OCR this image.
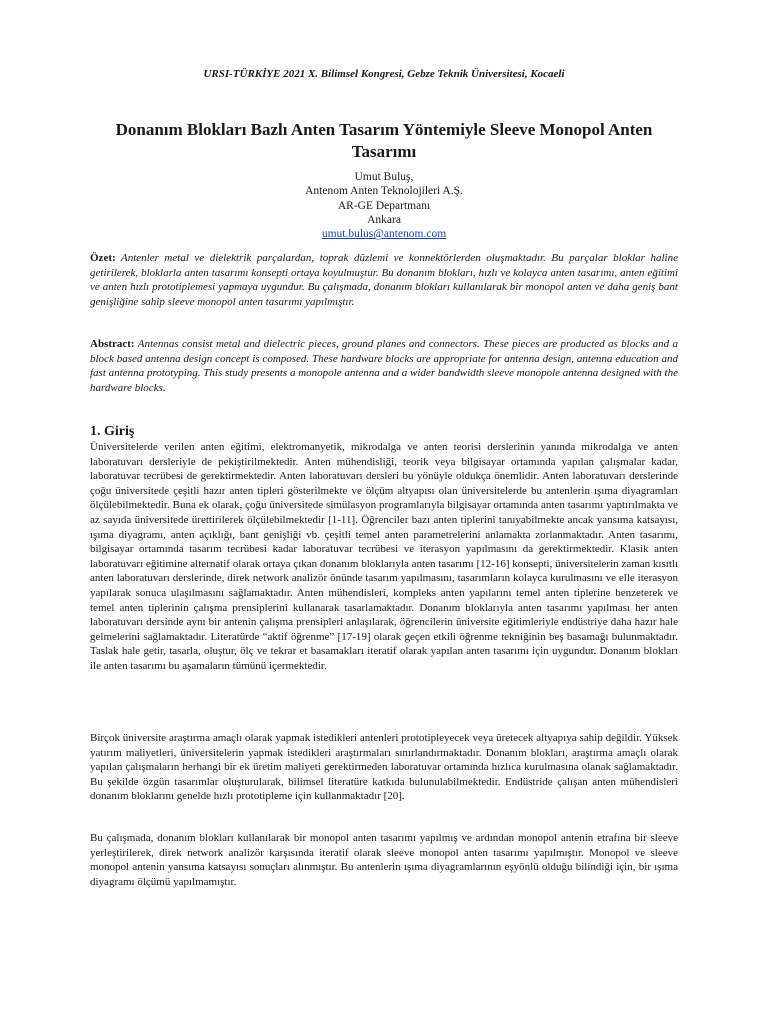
URSI-TÜRKİYE 2021 X. Bilimsel Kongresi, Gebze Teknik Üniversitesi, Kocaeli
Donanım Blokları Bazlı Anten Tasarım Yöntemiyle Sleeve Monopol Anten Tasarımı
Umut Buluş,
Antenom Anten Teknolojileri A.Ş.
AR-GE Departmanı
Ankara
umut.bulus@antenom.com
Özet: Antenler metal ve dielektrik parçalardan, toprak düzlemi ve konnektörlerden oluşmaktadır. Bu parçalar bloklar haline getirilerek, bloklarla anten tasarımı konsepti ortaya koyulmuştur. Bu donanım blokları, hızlı ve kolayca anten tasarımı, anten eğitimi ve anten hızlı prototiplemesi yapmaya uygundur. Bu çalışmada, donanım blokları kullanılarak bir monopol anten ve daha geniş bant genişliğine sahip sleeve monopol anten tasarımı yapılmıştır.
Abstract: Antennas consist metal and dielectric pieces, ground planes and connectors. These pieces are producted as blocks and a block based antenna design concept is composed. These hardware blocks are appropriate for antenna design, antenna education and fast antenna prototyping. This study presents a monopole antenna and a wider bandwidth sleeve monopole antenna designed with the hardware blocks.
1. Giriş

Üniversitelerde verilen anten eğitimi, elektromanyetik, mikrodalga ve anten teorisi derslerinin yanında mikrodalga ve anten laboratuvarı dersleriyle de pekiştirilmektedir. Anten mühendisliği, teorik veya bilgisayar ortamında yapılan çalışmalar kadar, laboratuvar tecrübesi de gerektirmektedir. Anten laboratuvarı dersleri bu yönüyle oldukça önemlidir. Anten laboratuvarı derslerinde çoğu üniversitede çeşitli hazır anten tipleri gösterilmekte ve ölçüm altyapısı olan üniversitelerde bu antenlerin ışıma diyagramları ölçülebilmektedir. Buna ek olarak, çoğu üniversitede simülasyon programlarıyla bilgisayar ortamında anten tasarımı yaptırılmakta ve az sayıda üniversitede ürettirilerek ölçülebilmektedir [1-11]. Öğrenciler bazı anten tiplerini tanıyabilmekte ancak yansıma katsayısı, ışıma diyagramı, anten açıklığı, bant genişliği vb. çeşitli temel anten parametrelerini anlamakta zorlanmaktadır. Anten tasarımı, bilgisayar ortamında tasarım tecrübesi kadar laboratuvar tecrübesi ve iterasyon yapılmasını da gerektirmektedir. Klasik anten laboratuvarı eğitimine alternatif olarak ortaya çıkan donanım bloklarıyla anten tasarımı [12-16] konsepti, üniversitelerin zaman kısıtlı anten laboratuvarı derslerinde, direk network analizör önünde tasarım yapılmasını, tasarımların kolayca kurulmasını ve elle iterasyon yapılarak sonuca ulaşılmasını sağlamaktadır. Anten mühendisleri, kompleks anten yapılarını temel anten tiplerine benzeterek ve temel anten tiplerinin çalışma prensiplerini kullanarak tasarlamaktadır. Donanım bloklarıyla anten tasarımı yapılması her anten laboratuvarı dersinde aynı bir antenin çalışma prensipleri anlaşılarak, öğrencilerin üniversite eğitimleriyle endüstriye daha hazır hale gelmelerini sağlamaktadır. Literatürde “aktif öğrenme” [17-19] olarak geçen etkili öğrenme tekniğinin beş basamağı bulunmaktadır. Taslak hale getir, tasarla, oluştur, ölç ve tekrar et basamakları iteratif olarak yapılan anten tasarımı için uygundur. Donanım blokları ile anten tasarımı bu aşamaların tümünü içermektedir.

Birçok üniversite araştırma amaçlı olarak yapmak istedikleri antenleri prototipleyecek veya üretecek altyapıya sahip değildir. Yüksek yatırım maliyetleri, üniversitelerin yapmak istedikleri araştırmaları sınırlandırmaktadır. Donanım blokları, araştırma amaçlı olarak yapılan çalışmaların herhangi bir ek üretim maliyeti gerektirmeden laboratuvar ortamında hızlıca kurulmasına olanak sağlamaktadır. Bu şekilde özgün tasarımlar oluşturularak, bilimsel literatüre katkıda bulunulabilmektedir. Endüstride çalışan anten mühendisleri donanım bloklarını genelde hızlı prototipleme için kullanmaktadır [20].

Bu çalışmada, donanım blokları kullanılarak bir monopol anten tasarımı yapılmış ve ardından monopol antenin etrafına bir sleeve yerleştirilerek, direk network analizör karşısında iteratif olarak sleeve monopol anten tasarımı yapılmıştır. Monopol ve sleeve monopol antenin yansıma katsayısı sonuçları alınmıştır. Bu antenlerin ışıma diyagramlarının eşyönlü olduğu bilindiği için, bir ışıma diyagramı ölçümü yapılmamıştır.
